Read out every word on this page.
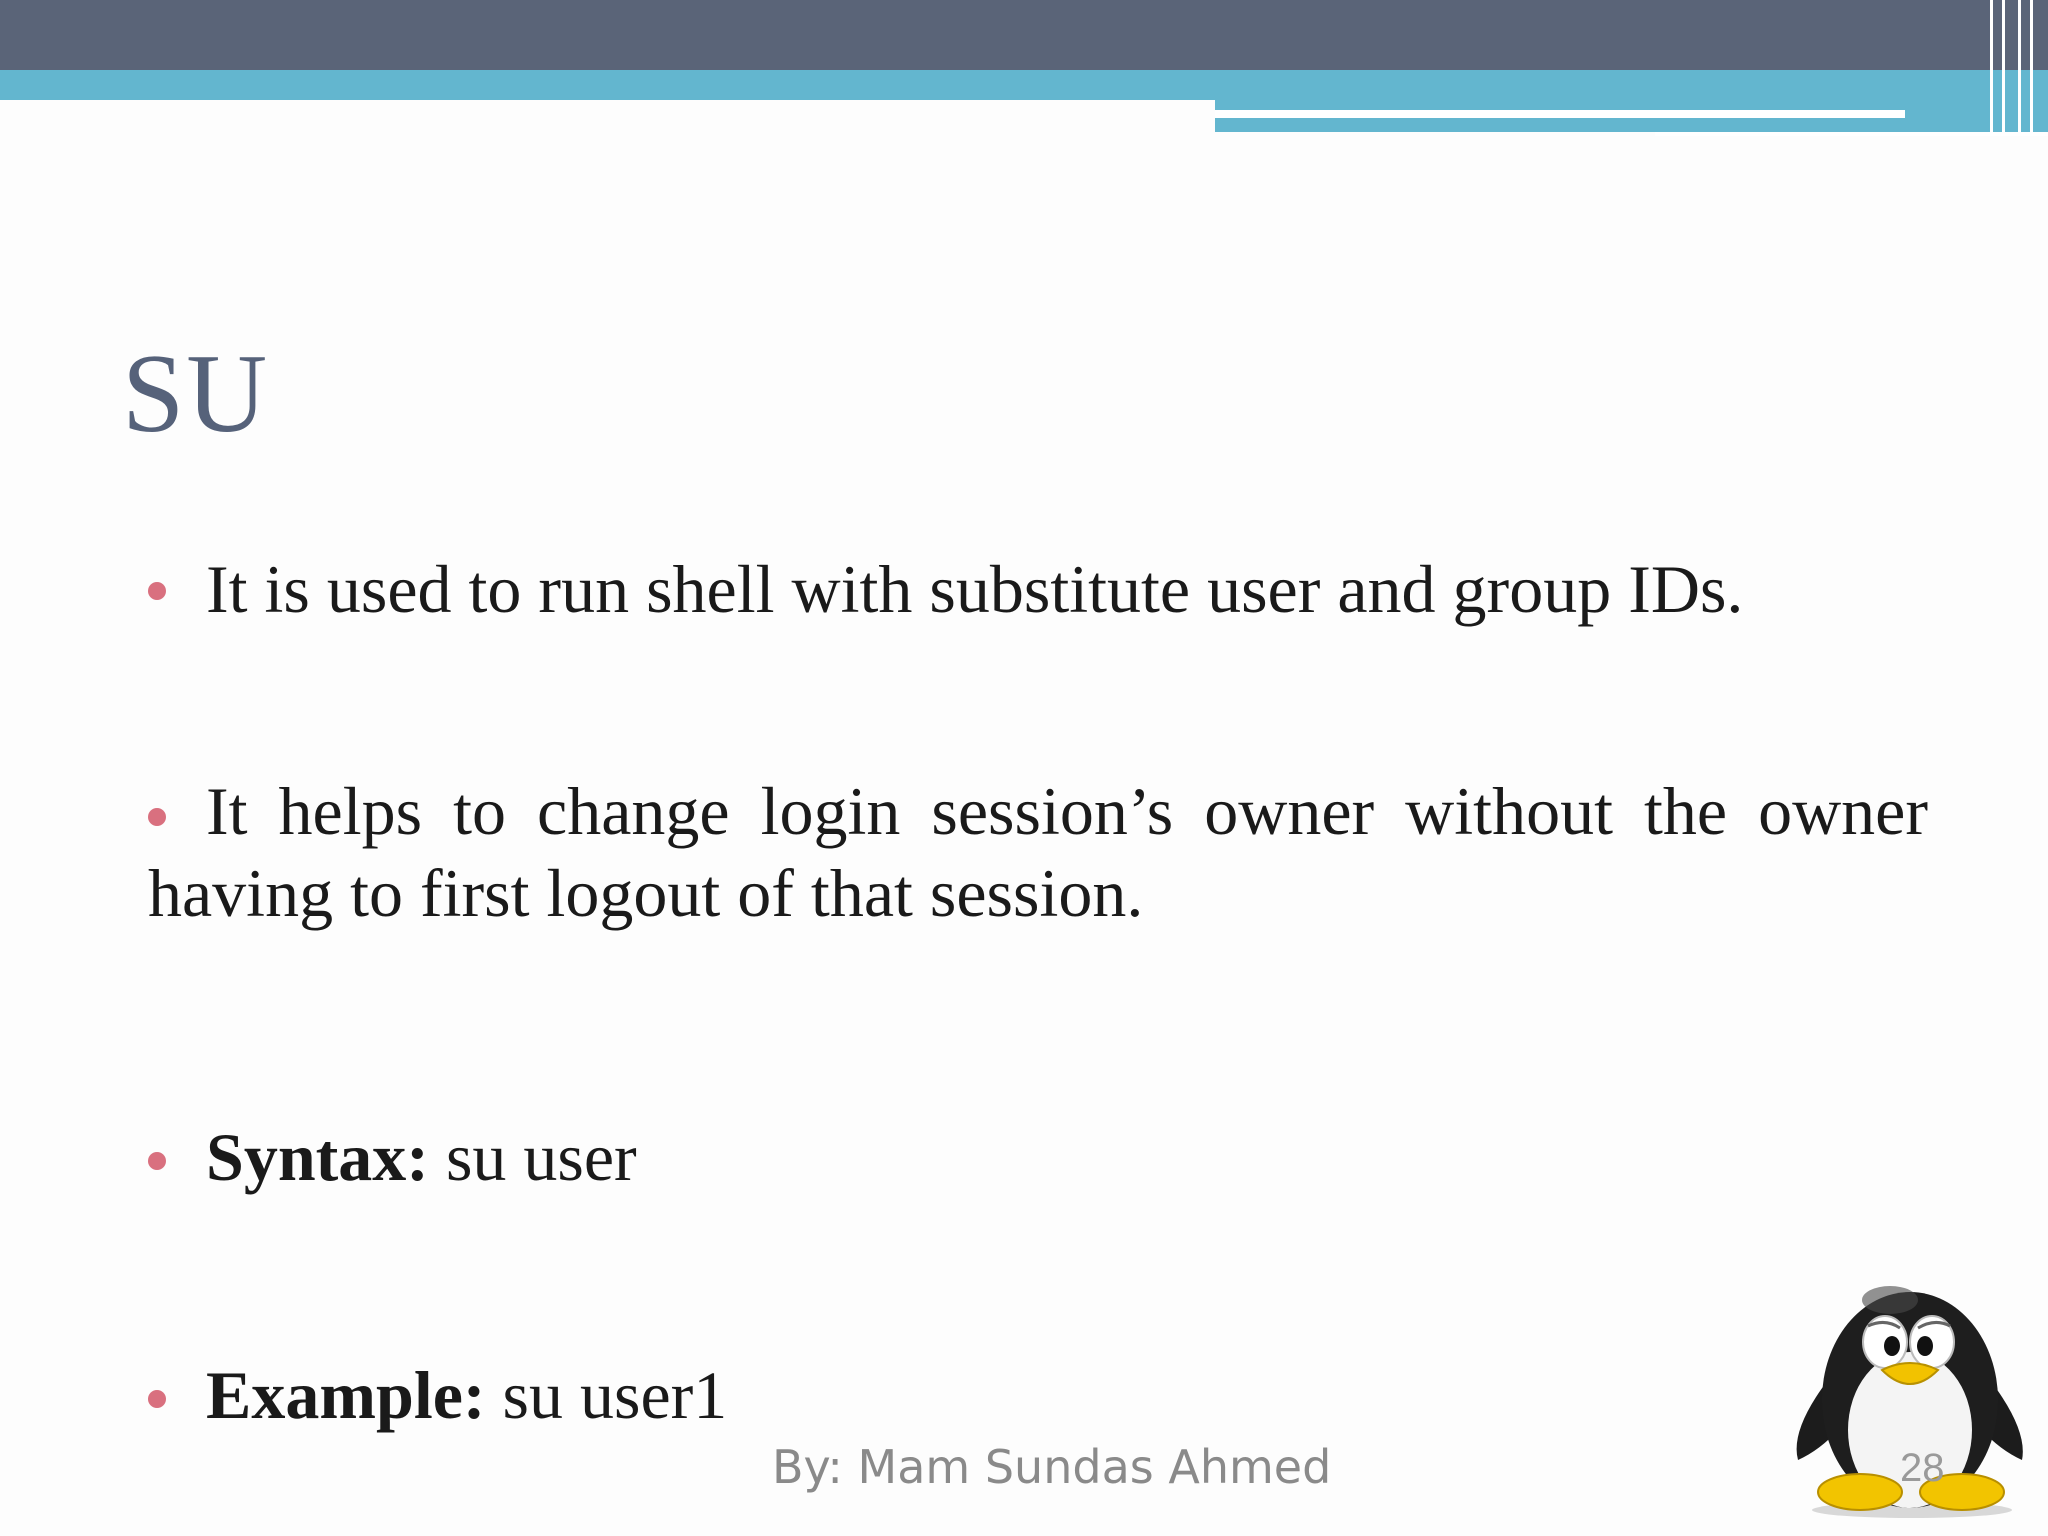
SU
It is used to run shell with substitute user and group IDs.
It helps to change login session’s owner without the owner having to first logout of that session.
Syntax: su user
Example: su user1
By: Mam Sundas Ahmed	28
